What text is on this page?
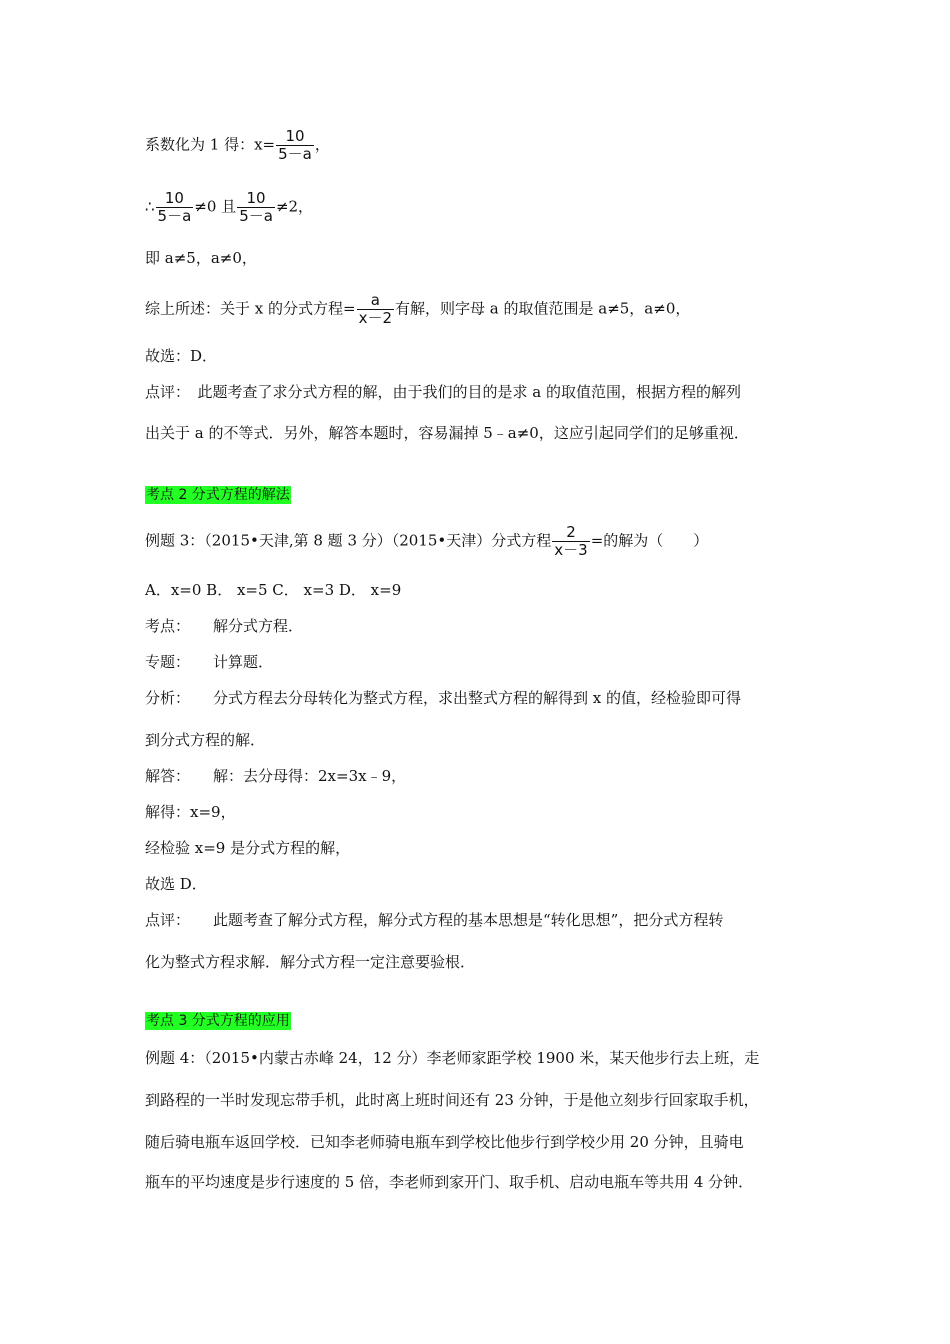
系数化为 1 得：$x= \frac{10}{5-a}$ ，
∴ $\frac{10}{5-a} \ne 0$ 且 $\frac{10}{5-a} \ne 2$，
即 a≠5，a≠0，
综上所述：关于 x 的分式方程= $\frac{a}{x-2}$ 有解，则字母 a 的取值范围是 a≠5，a≠0，
故选：D．
点评：　此题考查了求分式方程的解，由于我们的目的是求 a 的取值范围，根据方程的解列
出关于 a 的不等式．另外，解答本题时，容易漏掉 5﹣a≠0，这应引起同学们的足够重视．
考点 2 分式方程的解法
例题 3：（2015•天津,第 8 题 3 分）（2015•天津）分式方程 $\frac{2}{x-3}$ =的解为（　　）
A．x=0 B． x=5 C． x=3 D． x=9
考点： 解分式方程．
专题： 计算题．
分析： 分式方程去分母转化为整式方程，求出整式方程的解得到 x 的值，经检验即可得
到分式方程的解．
解答： 解：去分母得：2x=3x﹣9，
解得：x=9，
经检验 x=9 是分式方程的解，
故选 D．
点评： 此题考查了解分式方程，解分式方程的基本思想是“转化思想”，把分式方程转
化为整式方程求解．解分式方程一定注意要验根．
考点 3 分式方程的应用
例题 4：（2015•内蒙古赤峰 24，12 分）李老师家距学校 1900 米，某天他步行去上班，走
到路程的一半时发现忘带手机，此时离上班时间还有 23 分钟，于是他立刻步行回家取手机，
随后骑电瓶车返回学校．已知李老师骑电瓶车到学校比他步行到学校少用 20 分钟，且骑电
瓶车的平均速度是步行速度的 5 倍，李老师到家开门、取手机、启动电瓶车等共用 4 分钟．
